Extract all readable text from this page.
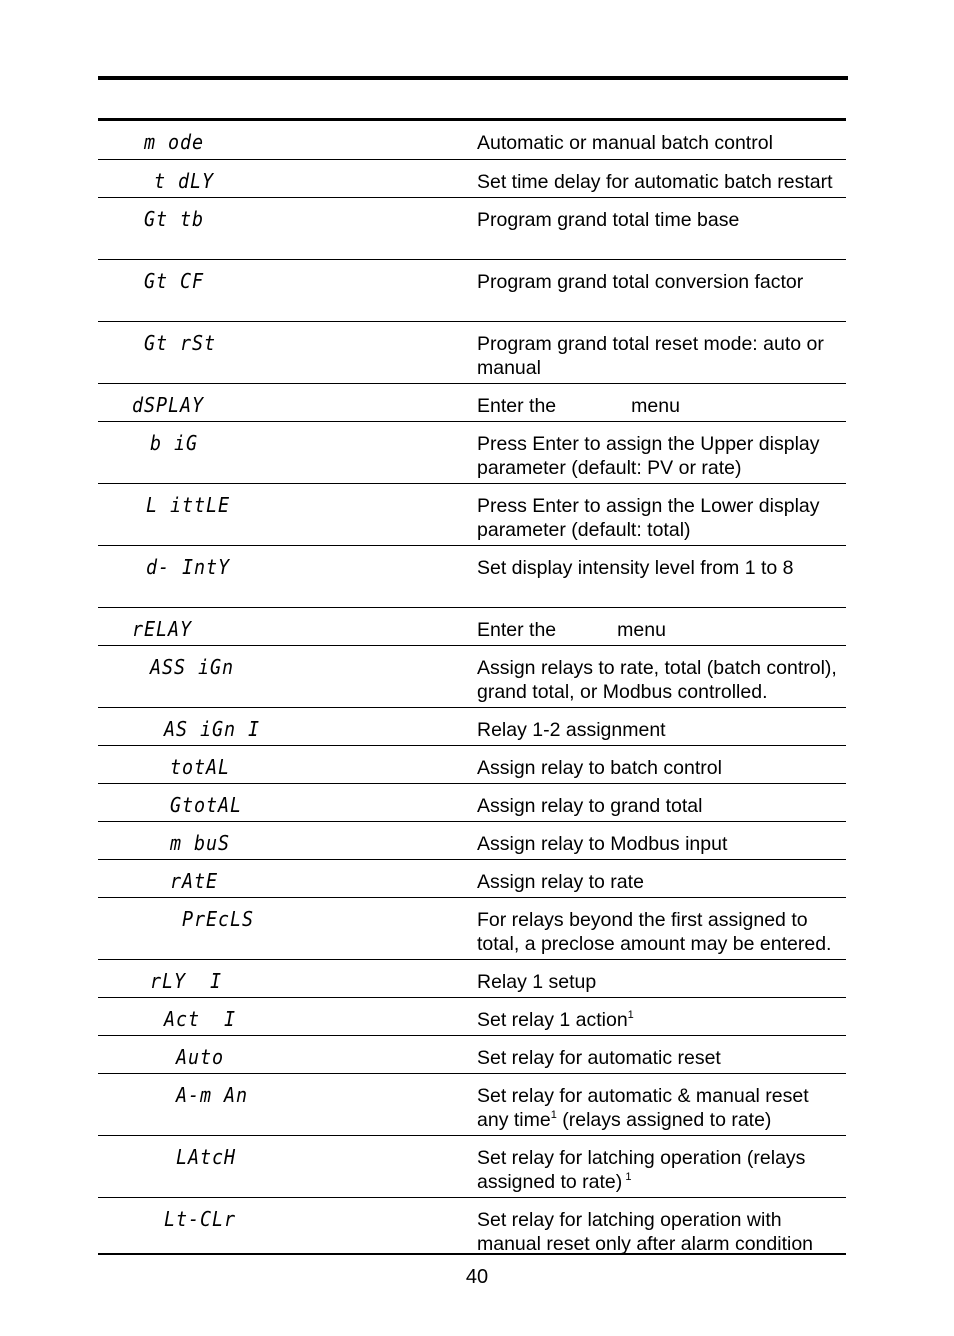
m ode	Automatic or manual batch control
t dLY	Set time delay for automatic batch restart
Gt tb	Program grand total time base
Gt CF	Program grand total conversion factor
Gt rSt	Program grand total reset mode: auto or manual
dSPLAY	Enter the	menu
b iG	Press Enter to assign the Upper display parameter (default: PV or rate)
L ittLE	Press Enter to assign the Lower display parameter (default: total)
d- IntY	Set display intensity level from 1 to 8
rELAY	Enter the	menu
ASS iGn	Assign relays to rate, total (batch control), grand total, or Modbus controlled.
AS iGn I	Relay 1-2 assignment
totAL	Assign relay to batch control
GtotAL	Assign relay to grand total
m buS	Assign relay to Modbus input
rAtE	Assign relay to rate
PrEcLS	For relays beyond the first assigned to total, a preclose amount may be entered.
rLY  I	Relay 1 setup
Act  I	Set relay 1 action$^1$
Auto	Set relay for automatic reset
A-m An	Set relay for automatic & manual reset any time$^1$ (relays assigned to rate)
LAtcH	Set relay for latching operation (relays assigned to rate) $^1$
Lt-CLr	Set relay for latching operation with manual reset only after alarm condition
40
